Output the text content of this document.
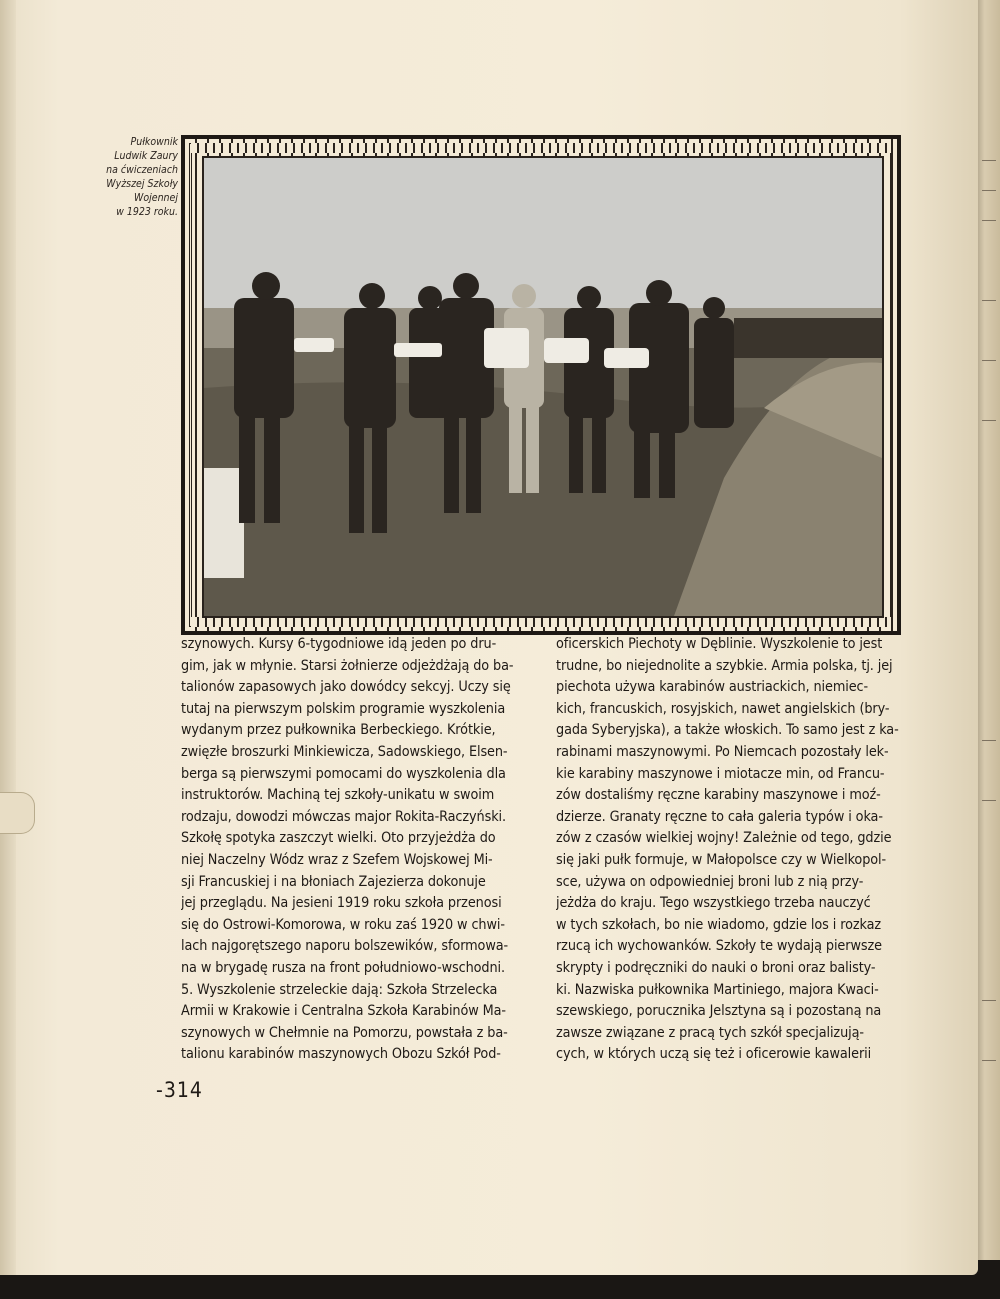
Pułkownik
Ludwik Zaury
na ćwiczeniach
Wyższej Szkoły
Wojennej
w 1923 roku.
szynowych. Kursy 6-tygodniowe idą jeden po dru-
gim, jak w młynie. Starsi żołnierze odjeżdżają do ba-
talionów zapasowych jako dowódcy sekcyj. Uczy się
tutaj na pierwszym polskim programie wyszkolenia
wydanym przez pułkownika Berbeckiego. Krótkie,
zwięzłe broszurki Minkiewicza, Sadowskiego, Elsen-
berga są pierwszymi pomocami do wyszkolenia dla
instruktorów. Machiną tej szkoły-unikatu w swoim
rodzaju, dowodzi mówczas major Rokita-Raczyński.
Szkołę spotyka zaszczyt wielki. Oto przyjeżdża do
niej Naczelny Wódz wraz z Szefem Wojskowej Mi-
sji Francuskiej i na błoniach Zajezierza dokonuje
jej przeglądu. Na jesieni 1919 roku szkoła przenosi
się do Ostrowi-Komorowa, w roku zaś 1920 w chwi-
lach najgorętszego naporu bolszewików, sformowa-
na w brygadę rusza na front południowo-wschodni.
5. Wyszkolenie strzeleckie dają: Szkoła Strzelecka
Armii w Krakowie i Centralna Szkoła Karabinów Ma-
szynowych w Chełmnie na Pomorzu, powstała z ba-
talionu karabinów maszynowych Obozu Szkół Pod-
oficerskich Piechoty w Dęblinie. Wyszkolenie to jest
trudne, bo niejednolite a szybkie. Armia polska, tj. jej
piechota używa karabinów austriackich, niemiec-
kich, francuskich, rosyjskich, nawet angielskich (bry-
gada Syberyjska), a także włoskich. To samo jest z ka-
rabinami maszynowymi. Po Niemcach pozostały lek-
kie karabiny maszynowe i miotacze min, od Francu-
zów dostaliśmy ręczne karabiny maszynowe i moź-
dzierze. Granaty ręczne to cała galeria typów i oka-
zów z czasów wielkiej wojny! Zależnie od tego, gdzie
się jaki pułk formuje, w Małopolsce czy w Wielkopol-
sce, używa on odpowiedniej broni lub z nią przy-
jeżdża do kraju. Tego wszystkiego trzeba nauczyć
w tych szkołach, bo nie wiadomo, gdzie los i rozkaz
rzucą ich wychowanków. Szkoły te wydają pierwsze
skrypty i podręczniki do nauki o broni oraz balisty-
ki. Nazwiska pułkownika Martiniego, majora Kwaci-
szewskiego, porucznika Jelsztyna są i pozostaną na
zawsze związane z pracą tych szkół specjalizują-
cych, w których uczą się też i oficerowie kawalerii
-314
